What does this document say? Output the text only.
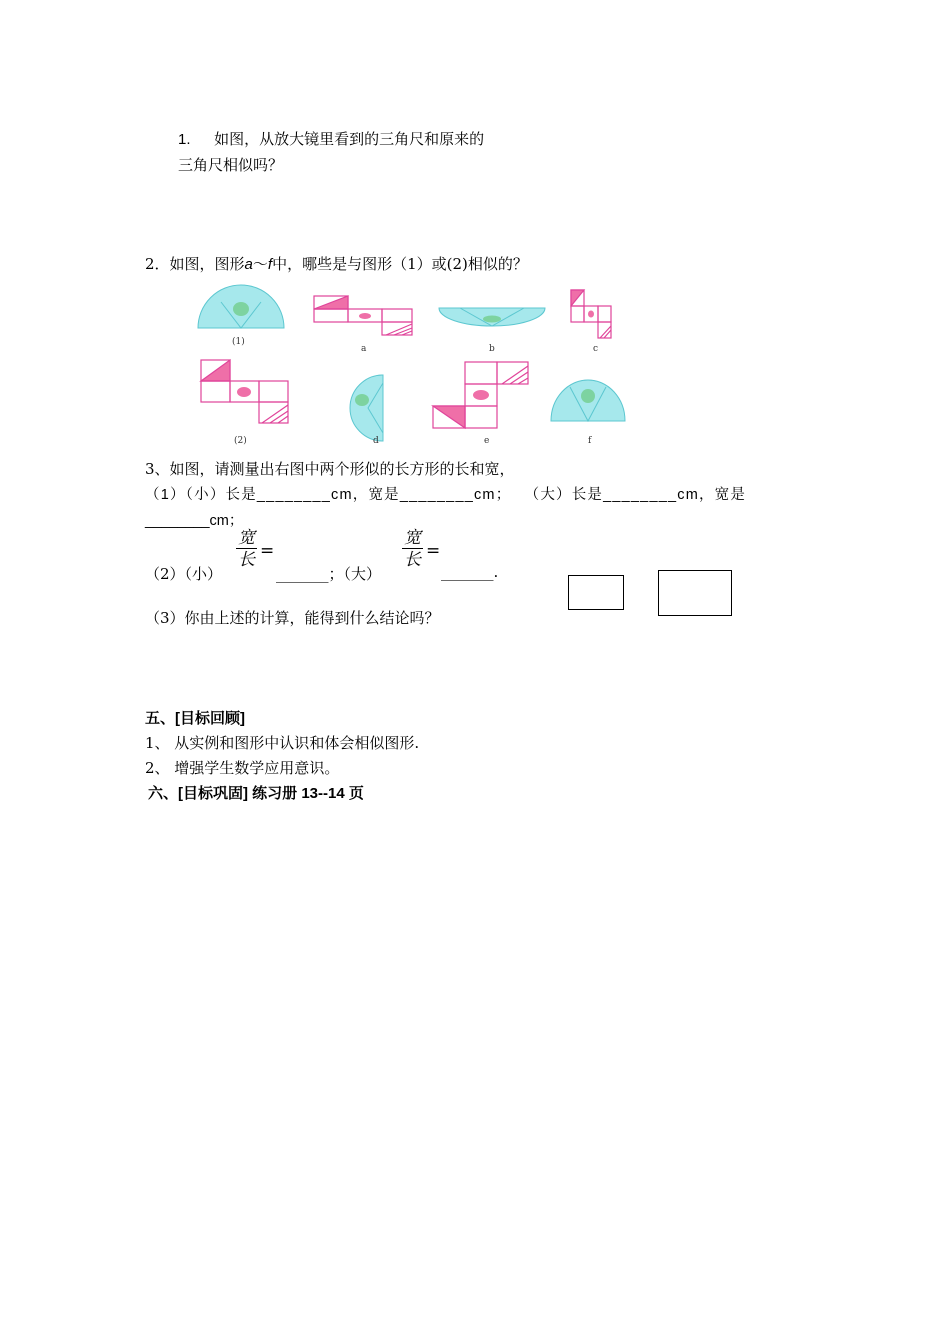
1. 如图，从放大镜里看到的三角尺和原来的
三角尺相似吗？
2．如图，图形a～f中，哪些是与图形（1）或(2)相似的？
(1)
a	b	c
(2)	d	e	f
3、如图，请测量出右图中两个形似的长方形的长和宽，
（1）（小）长是________cm，宽是________cm； （大）长是________cm，宽是
________cm；
（2）（小）
宽
长 =
_______；（大）
宽
长 =
_______.
（3）你由上述的计算，能得到什么结论吗？
五、[目标回顾]
1、 从实例和图形中认识和体会相似图形.
2、 增强学生数学应用意识。
六、[目标巩固] 练习册 13--14 页
